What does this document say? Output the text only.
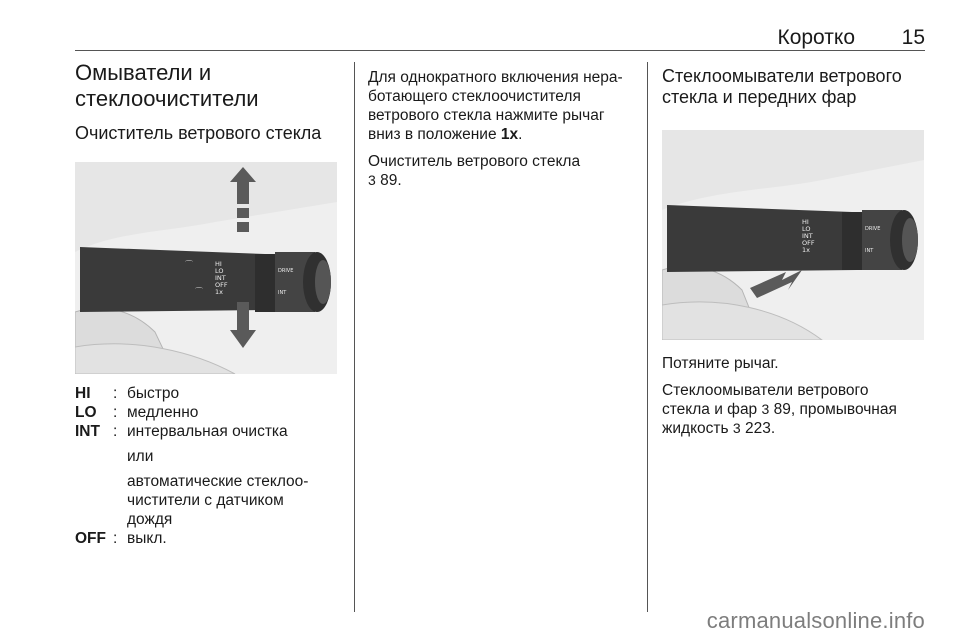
Коротко 15
Омыватели и
стеклоочистители
Очиститель ветрового стекла
⌒
⌒
HI
LO
INT
OFF
1x
DRIVE
INT
HI	: быстро
LO	: медленно
INT : интервальная очистка
или
автоматические стеклоо-
чистители с датчиком
дождя
OFF : выкл.

Для однократного включения нера-
ботающего стеклоочистителя
ветрового стекла нажмите рычаг
вниз в положение 1x.

Очиститель ветрового стекла
3 89.

Стеклоомыватели ветрового
стекла и передних фар
HI
LO
INT
OFF
1x
DRIVE
INT

Потяните рычаг.

Стеклоомыватели ветрового
стекла и фар 3 89, промывочная
жидкость 3 223.

carmanualsonline.info
